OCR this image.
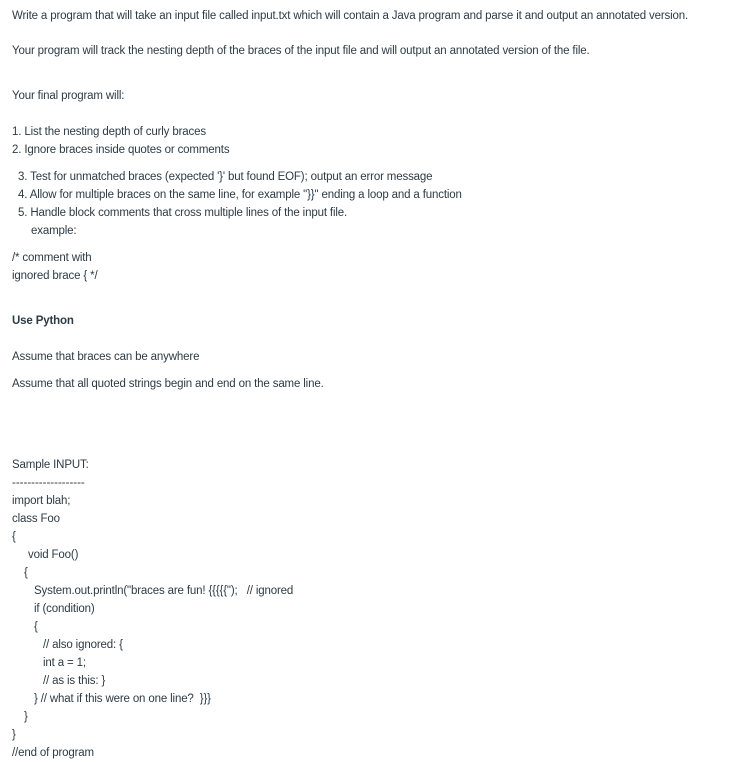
Write a program that will take an input file called input.txt which will contain a Java program and parse it and output an annotated version.
Your program will track the nesting depth of the braces of the input file and will output an annotated version of the file.
Your final program will:
1. List the nesting depth of curly braces
2. Ignore braces inside quotes or comments
3. Test for unmatched braces (expected '}' but found EOF); output an error message
4. Allow for multiple braces on the same line, for example "}}" ending a loop and a function
5. Handle block comments that cross multiple lines of the input file.
example:
/* comment with
ignored brace { */
Use Python
Assume that braces can be anywhere
Assume that all quoted strings begin and end on the same line.
Sample INPUT:
-------------------
import blah;
class Foo
{
void Foo()
{
System.out.println("braces are fun! {{{{{");   // ignored
if (condition)
{
// also ignored: {
int a = 1;
// as is this: }
} // what if this were on one line?  }}}
}
}
//end of program
